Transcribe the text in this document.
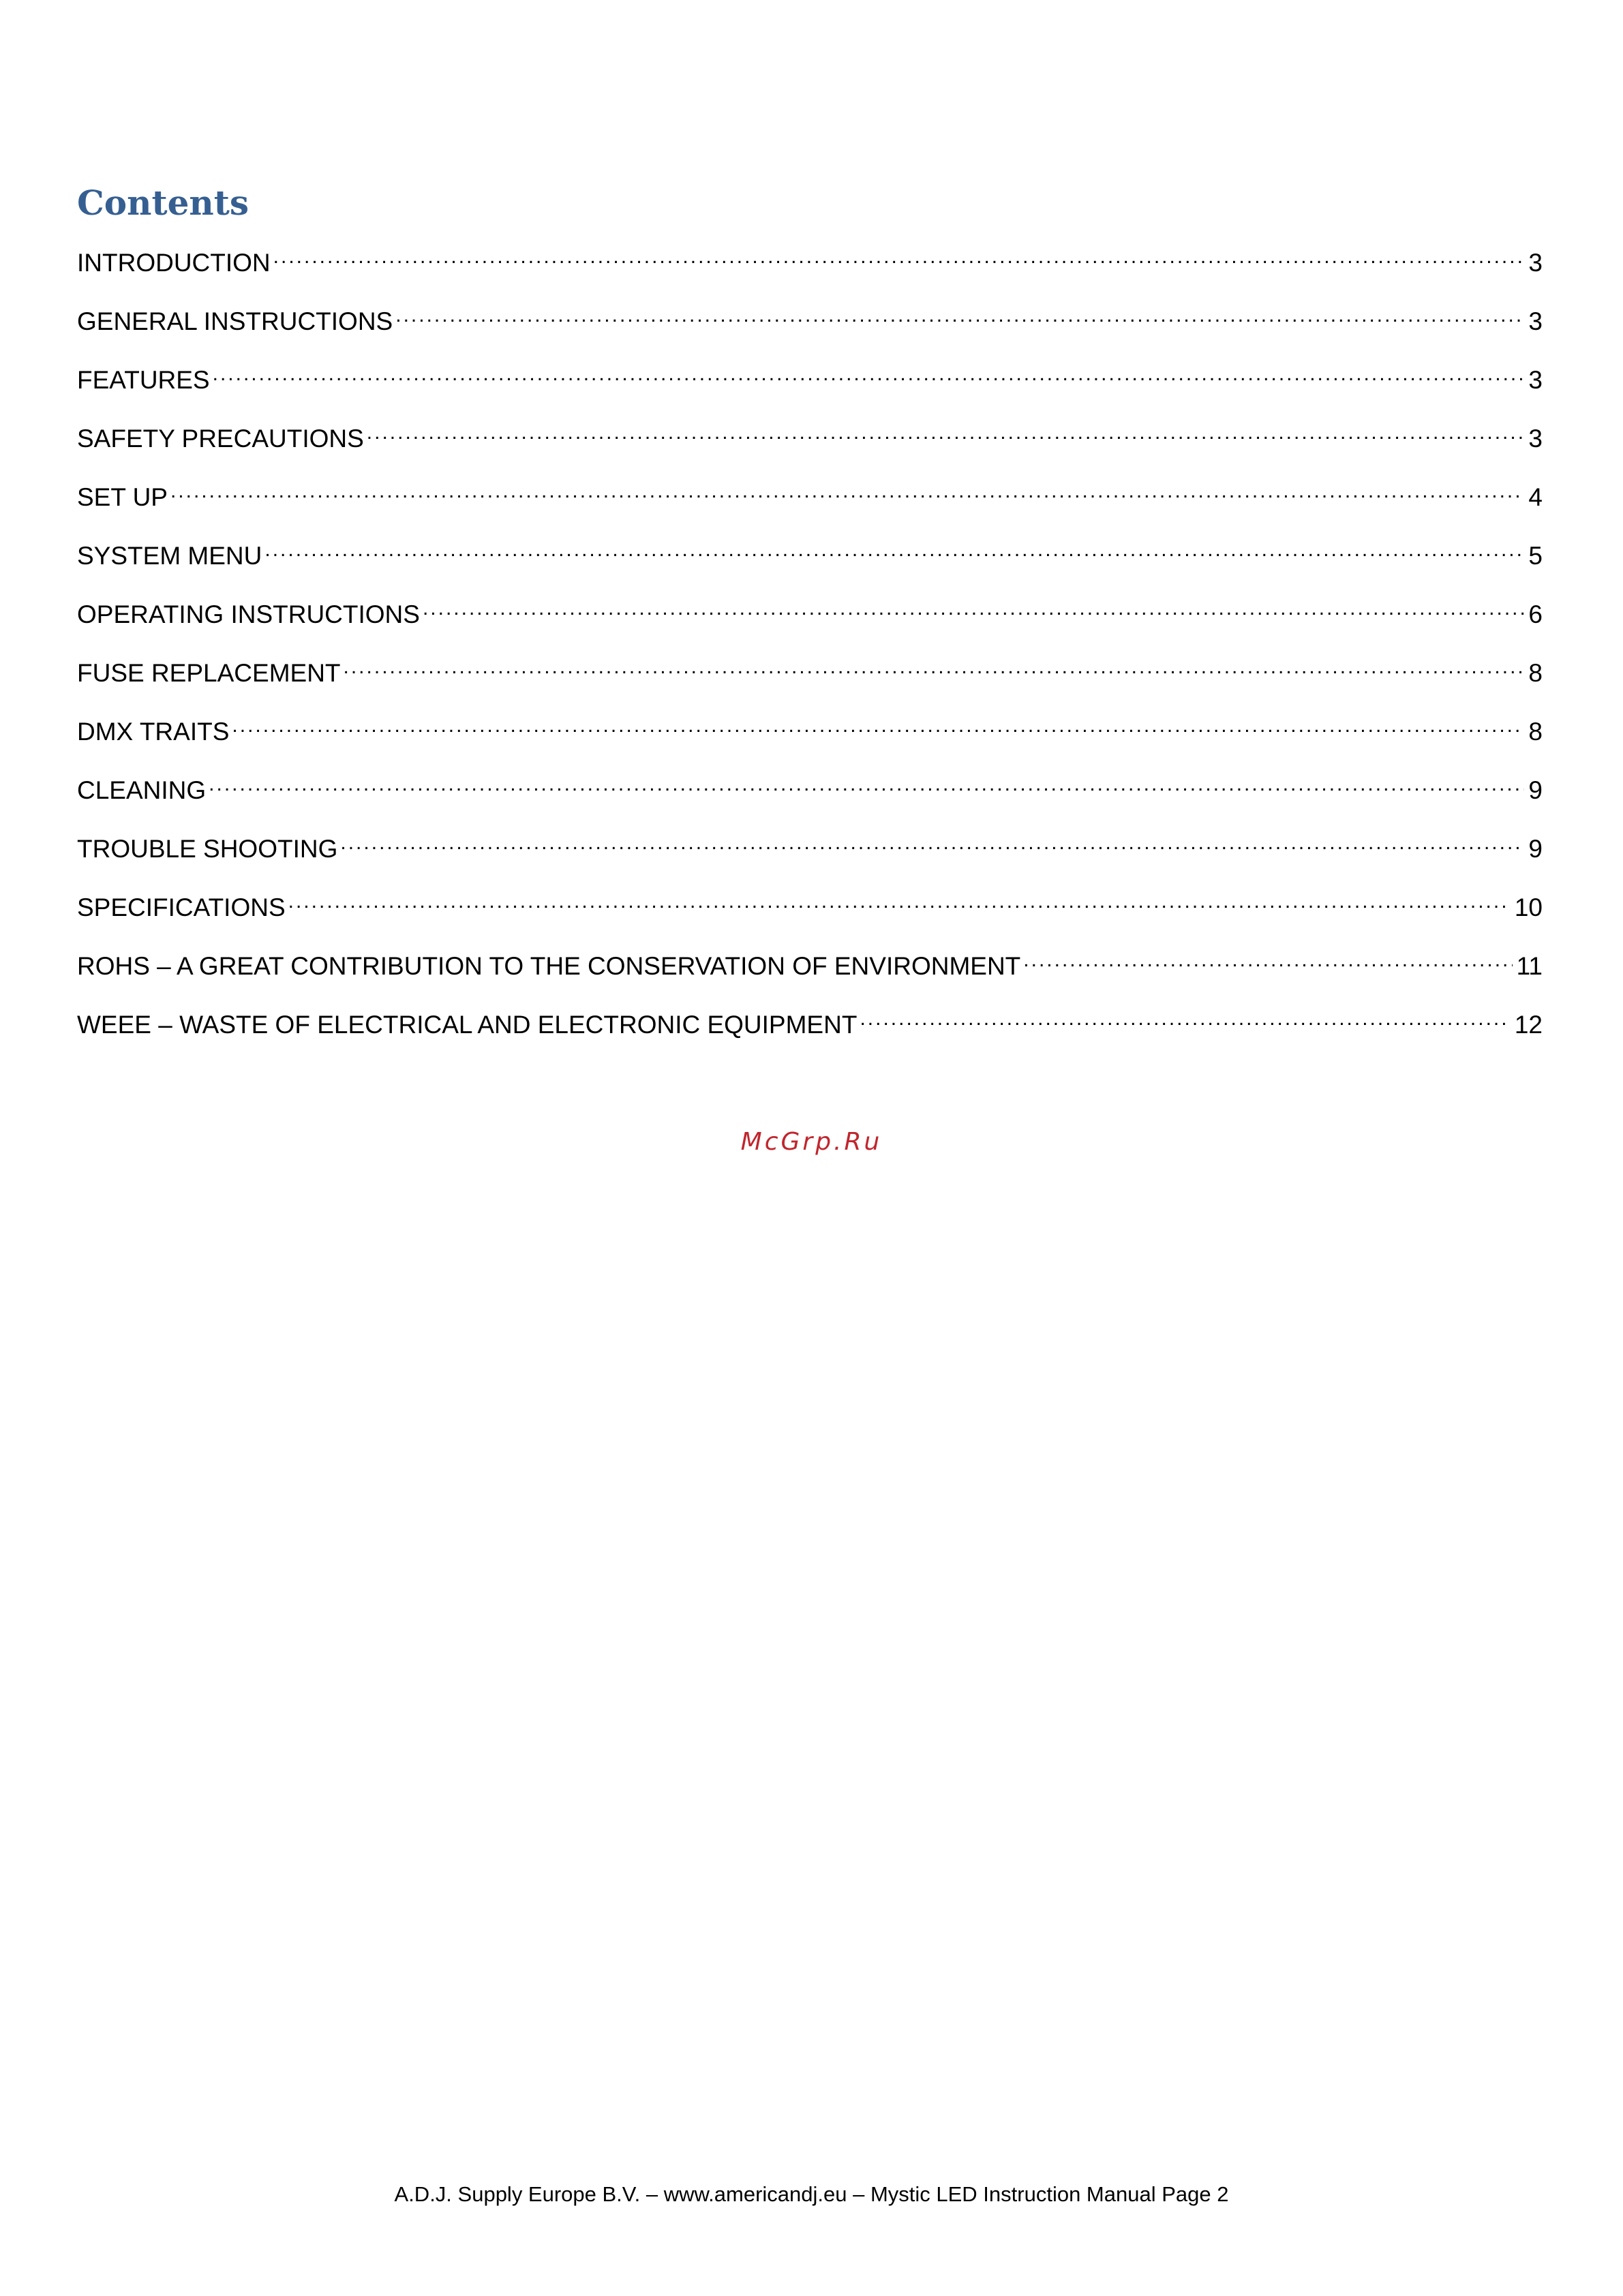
Contents
INTRODUCTION .....	3
GENERAL INSTRUCTIONS .....	3
FEATURES .....	3
SAFETY PRECAUTIONS .....	3
SET UP .....	4
SYSTEM MENU .....	5
OPERATING INSTRUCTIONS .....	6
FUSE REPLACEMENT .....	8
DMX TRAITS .....	8
CLEANING .....	9
TROUBLE SHOOTING .....	9
SPECIFICATIONS .....	10
ROHS – A GREAT CONTRIBUTION TO THE CONSERVATION OF ENVIRONMENT .....	11
WEEE – WASTE OF ELECTRICAL AND ELECTRONIC EQUIPMENT .....	12
McGrp.Ru
A.D.J. Supply Europe B.V. – www.americandj.eu – Mystic LED Instruction Manual Page 2
